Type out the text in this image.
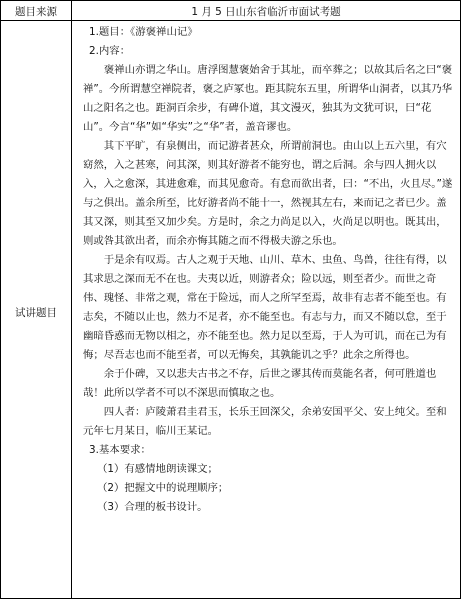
题目来源	1 月 5 日山东省临沂市面试考题
试讲题目

1.题目：《游褒禅山记》

2.内容：

褒禅山亦谓之华山。唐浮图慧褒始舍于其址，而卒葬之；以故其后名之曰“褒禅”。今所谓慧空禅院者，褒之庐冢也。距其院东五里，所谓华山洞者，以其乃华山之阳名之也。距洞百余步，有碑仆道，其文漫灭，独其为文犹可识，曰“花山”。今言“华”如“华实”之“华”者，盖音谬也。

其下平旷，有泉侧出，而记游者甚众，所谓前洞也。由山以上五六里，有穴窈然，入之甚寒，问其深，则其好游者不能穷也，谓之后洞。余与四人拥火以入，入之愈深，其进愈难，而其见愈奇。有怠而欲出者，曰：“不出，火且尽。”遂与之俱出。盖余所至，比好游者尚不能十一，然视其左右，来而记之者已少。盖其又深，则其至又加少矣。方是时，余之力尚足以入，火尚足以明也。既其出，则或咎其欲出者，而余亦悔其随之而不得极夫游之乐也。

于是余有叹焉。古人之观于天地、山川、草木、虫鱼、鸟兽，往往有得，以其求思之深而无不在也。夫夷以近，则游者众；险以远，则至者少。而世之奇伟、瑰怪、非常之观，常在于险远，而人之所罕至焉，故非有志者不能至也。有志矣，不随以止也，然力不足者，亦不能至也。有志与力，而又不随以怠，至于幽暗昏惑而无物以相之，亦不能至也。然力足以至焉，于人为可讥，而在己为有悔；尽吾志也而不能至者，可以无悔矣，其孰能讥之乎？此余之所得也。

余于仆碑，又以悲夫古书之不存，后世之谬其传而莫能名者，何可胜道也哉！此所以学者不可以不深思而慎取之也。

四人者：庐陵萧君圭君玉，长乐王回深父，余弟安国平父、安上纯父。至和元年七月某日，临川王某记。

3.基本要求：

（1）有感情地朗读课文；

（2）把握文中的说理顺序；

（3）合理的板书设计。
